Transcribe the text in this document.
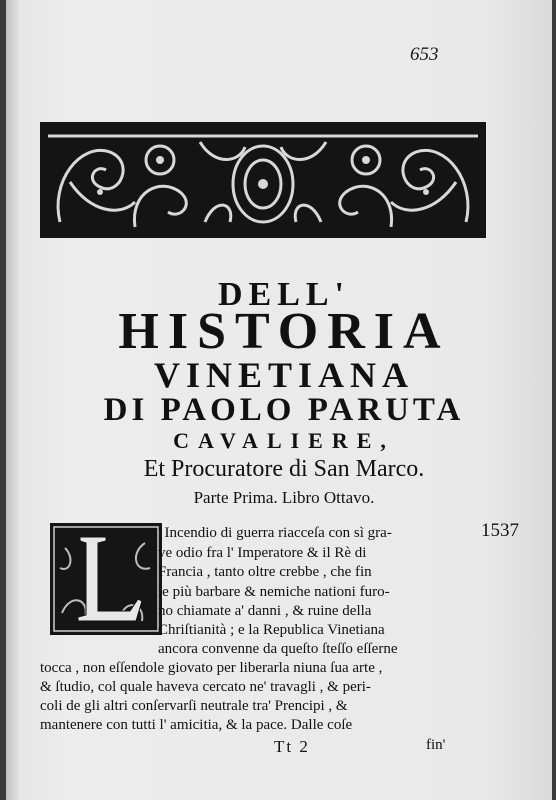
653
DELL'
HISTORIA
VINETIANA
DI PAOLO PARUTA
CAVALIERE,
Et Procuratore di San Marco.
Parte Prima. Libro Ottavo.
1537
' Incendio di guerra riacceſa con sì gra-
ve odio fra l' Imperatore & il Rè di
Francia , tanto oltre crebbe , che fin
le più barbare & nemiche nationi furo-
no chiamate a' danni , & ruine della
Chriſtianità ; e la Republica Vinetiana
ancora convenne da queſto ſteſſo eſſerne
tocca , non eſſendole giovato per liberarla niuna ſua arte ,
& ſtudio, col quale haveva cercato ne' travagli , & peri-
coli de gli altri conſervarſi neutrale tra' Prencipi , &
mantenere con tutti l' amicitia, & la pace. Dalle coſe
Tt 2	fin'
